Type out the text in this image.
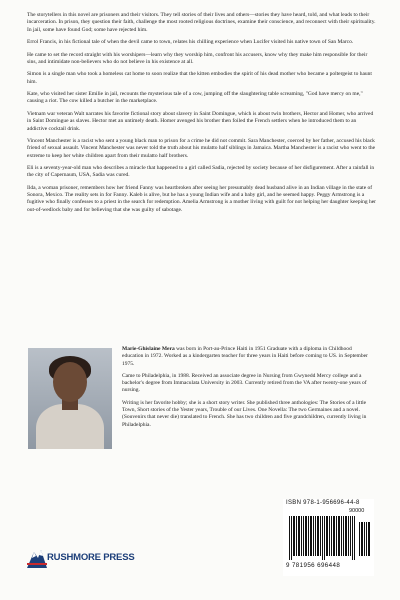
The storytellers in this novel are prisoners and their visitors. They tell stories of their lives and others—stories they have heard, told, and what leads to their incarceration. In prison, they question their faith, challenge the most rooted religious doctrines, examine their conscience, and reconnect with their spirituality. In jail, some have found God; some have rejected him.

Errol Francis, in his fictional tale of when the devil came to town, relates his chilling experience when Lucifer visited his native town of San Marco.

He came to set the record straight with his worshipers—learn why they worship him, confront his accusers, know why they make him responsible for their sins, and intimidate non-believers who do not believe in his existence at all.

Simon is a single man who took a homeless cat home to soon realize that the kitten embodies the spirit of his dead mother who became a poltergeist to haunt him.

Kate, who visited her sister Emilie in jail, recounts the mysterious tale of a cow, jumping off the slaughtering table screaming, "God have mercy on me," causing a riot. The cow killed a butcher in the marketplace.

Vietnam war veteran Walt narrates his favorite fictional story about slavery in Saint Domingue, which is about twin brothers, Hector and Homer, who arrived in Saint Domingue as slaves. Hector met an untimely death. Homer avenged his brother then foiled the French settlers when he introduced them to an addictive cocktail drink.

Vincent Manchester is a racist who sent a young black man to prison for a crime he did not commit. Sara Manchester, coerced by her father, accused his black friend of sexual assault. Vincent Manchester was never told the truth about his mulatto half siblings in Jamaica. Martha Manchester is a racist who went to the extreme to keep her white children apart from their mulatto half brothers.

Eli is a seventy-year-old man who describes a miracle that happened to a girl called Sadia, rejected by society because of her disfigurement. After a rainfall in the city of Capernaum, USA, Sadia was cured.

Ilda, a woman prisoner, remembers how her friend Fanny was heartbroken after seeing her presumably dead husband alive in an Indian village in the state of Sonora, Mexico. The reality sets in for Fanny. Kaleb is alive, but he has a young Indian wife and a baby girl, and he seemed happy. Peggy Armstrong is a fugitive who finally confesses to a priest in the search for redemption. Amelia Armstrong is a mother living with guilt for not helping her daughter keeping her out-of-wedlock baby and for believing that she was guilty of sabotage.

Marie-Ghislaine Mera was born in Port-au-Prince Haiti in 1951 Graduate with a diploma in Childhood education in 1972. Worked as a kindergarten teacher for three years in Haiti before coming to US. in September 1975.

Came to Philadelphia, in 1988. Received an associate degree in Nursing from Gwynedd Mercy college and a bachelor's degree from Immaculata University in 2003. Currently retired from the VA after twenty-one years of nursing.

Writing is her favorite hobby; she is a short story writer. She published three anthologies: The Stories of a little Town, Short stories of the Yester years, Trouble of our Lives. One Novella: The two Germaines and a novel. (Souvenirs that never die) translated to French. She has two children and five grandchildren, currently living in Philadelphia.

ISBN 978-1-956696-44-8
90000
9 781956 696448
RUSHMORE PRESS
